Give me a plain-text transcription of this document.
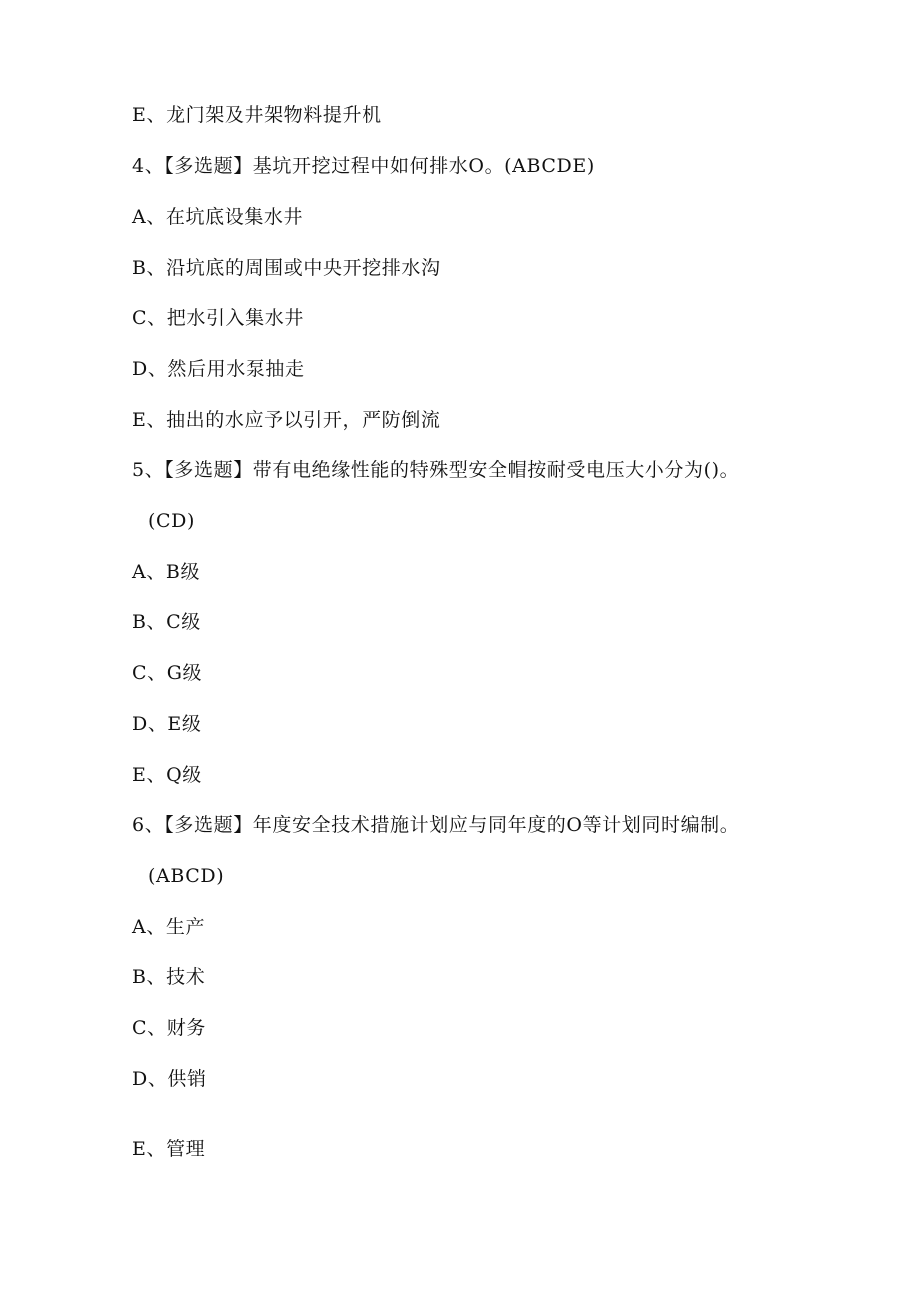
E、龙门架及井架物料提升机
4、【多选题】基坑开挖过程中如何排水O。(ABCDE)
A、在坑底设集水井
B、沿坑底的周围或中央开挖排水沟
C、把水引入集水井
D、然后用水泵抽走
E、抽出的水应予以引开，严防倒流
5、【多选题】带有电绝缘性能的特殊型安全帽按耐受电压大小分为()。
(CD)
A、B级
B、C级
C、G级
D、E级
E、Q级
6、【多选题】年度安全技术措施计划应与同年度的O等计划同时编制。
(ABCD)
A、生产
B、技术
C、财务
D、供销
E、管理
